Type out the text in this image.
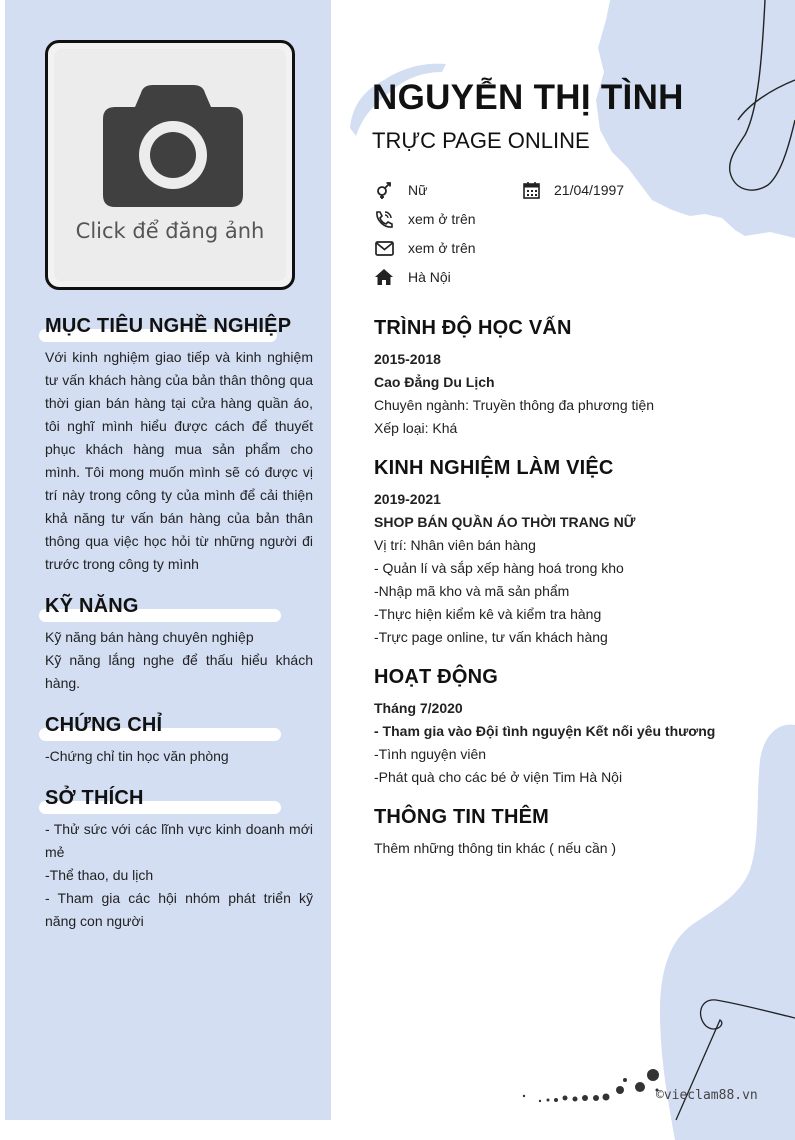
Click để đăng ảnh
MỤC TIÊU NGHỀ NGHIỆP
Với kinh nghiệm giao tiếp và kinh nghiệm tư vấn khách hàng của bản thân thông qua thời gian bán hàng tại cửa hàng quần áo, tôi nghĩ mình hiểu được cách để thuyết phục khách hàng mua sản phẩm cho mình. Tôi mong muốn mình sẽ có được vị trí này trong công ty của mình để cải thiện khả năng tư vấn bán hàng của bản thân thông qua việc học hỏi từ những người đi trước trong công ty mình
KỸ NĂNG

Kỹ năng bán hàng chuyên nghiệp

Kỹ năng lắng nghe để thấu hiểu khách hàng.

CHỨNG CHỈ

-Chứng chỉ tin học văn phòng

SỞ THÍCH

- Thử sức với các lĩnh vực kinh doanh mới mẻ

-Thể thao, du lịch

- Tham gia các hội nhóm phát triển kỹ năng con người

NGUYỄN THỊ TÌNH
TRỰC PAGE ONLINE
Nữ	21/04/1997
xem ở trên
xem ở trên
Hà Nội
TRÌNH ĐỘ HỌC VẤN

2015-2018

Cao Đẳng Du Lịch

Chuyên ngành: Truyền thông đa phương tiện

Xếp loại: Khá

KINH NGHIỆM LÀM VIỆC

2019-2021

SHOP BÁN QUẦN ÁO THỜI TRANG NỮ

Vị trí: Nhân viên bán hàng

- Quản lí và sắp xếp hàng hoá trong kho

-Nhập mã kho và mã sản phẩm

-Thực hiện kiểm kê và kiểm tra hàng

-Trực page online, tư vấn khách hàng

HOẠT ĐỘNG

Tháng 7/2020

- Tham gia vào Đội tình nguyện Kết nối yêu thương

-Tình nguyện viên

-Phát quà cho các bé ở viện Tim Hà Nội

THÔNG TIN THÊM

Thêm những thông tin khác ( nếu cần )

©vieclam88.vn
